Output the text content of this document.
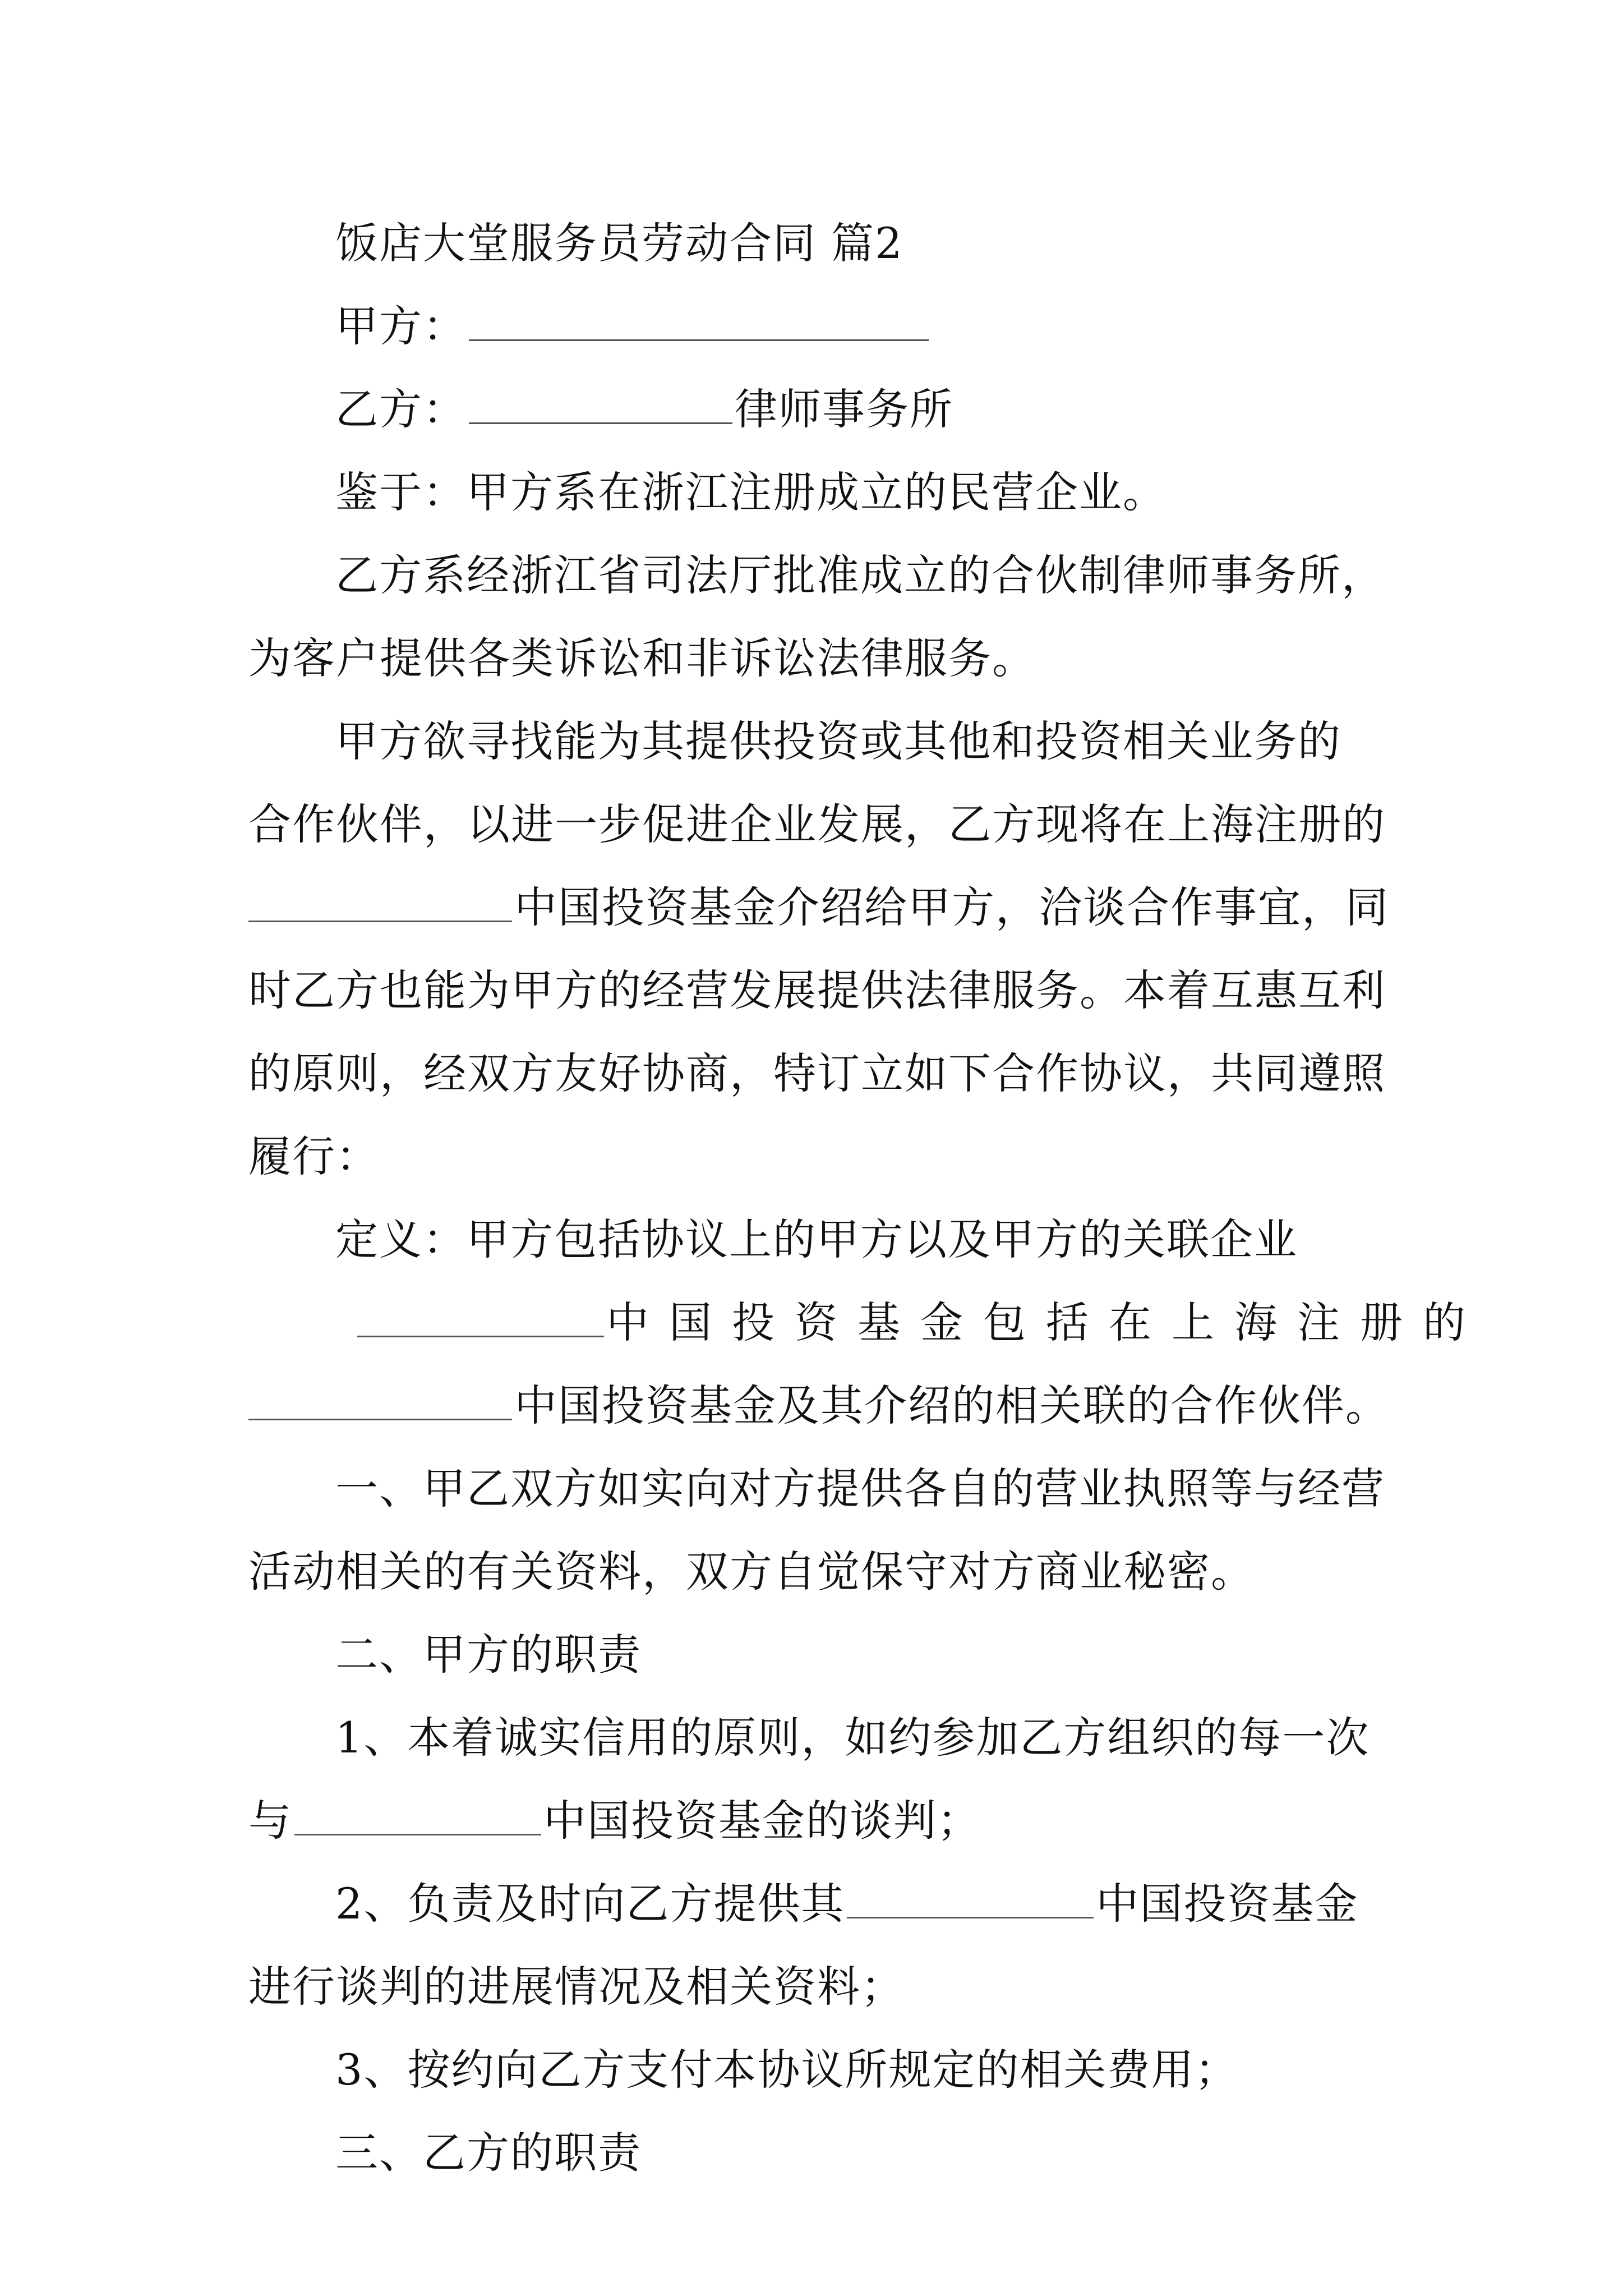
饭店大堂服务员劳动合同 篇2

甲方：

乙方：	律师事务所

鉴于：甲方系在浙江注册成立的民营企业。

乙方系经浙江省司法厅批准成立的合伙制律师事务所，

为客户提供各类诉讼和非诉讼法律服务。

甲方欲寻找能为其提供投资或其他和投资相关业务的

合作伙伴，以进一步促进企业发展，乙方现将在上海注册的

中国投资基金介绍给甲方，洽谈合作事宜，同

时乙方也能为甲方的经营发展提供法律服务。本着互惠互利

的原则，经双方友好协商，特订立如下合作协议，共同遵照

履行：

定义：甲方包括协议上的甲方以及甲方的关联企业

中国投资基金包括在上海注册的

中国投资基金及其介绍的相关联的合作伙伴。

一、甲乙双方如实向对方提供各自的营业执照等与经营

活动相关的有关资料，双方自觉保守对方商业秘密。

二、甲方的职责

1、本着诚实信用的原则，如约参加乙方组织的每一次

与	中国投资基金的谈判；

2、负责及时向乙方提供其	中国投资基金

进行谈判的进展情况及相关资料；

3、按约向乙方支付本协议所规定的相关费用；

三、乙方的职责
